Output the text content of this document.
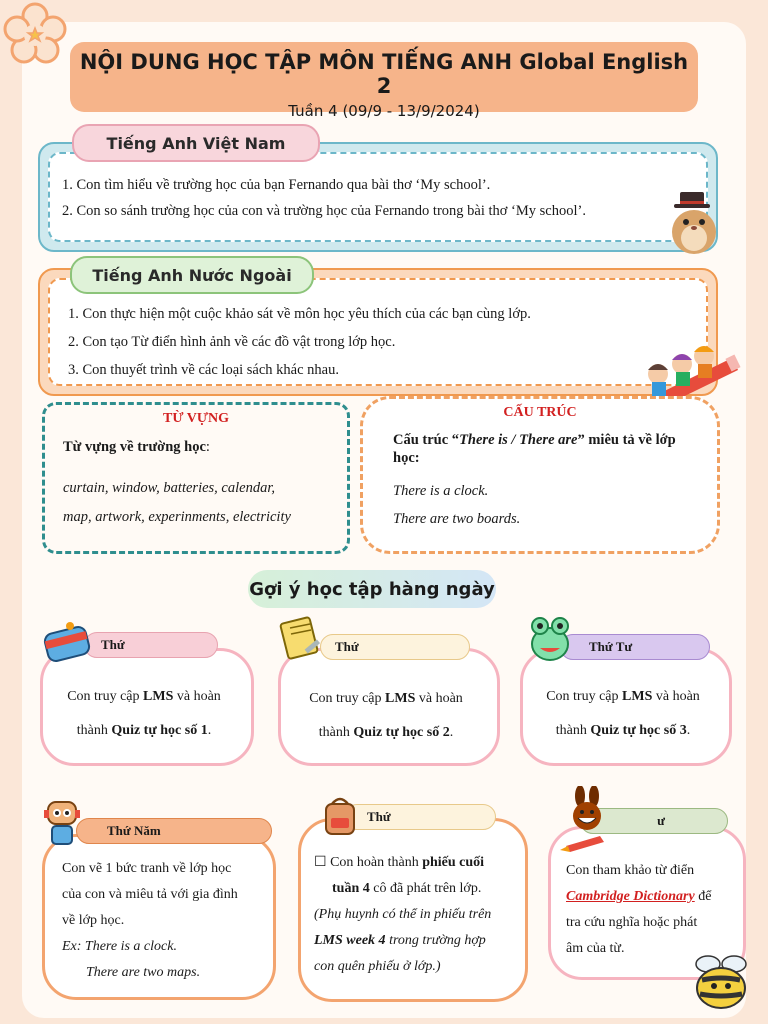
NỘI DUNG HỌC TẬP MÔN TIẾNG ANH Global English 2
Tuần 4 (09/9 - 13/9/2024)
Tiếng Anh Việt Nam
1. Con tìm hiểu về trường học của bạn Fernando qua bài thơ ‘My school’.
2. Con so sánh trường học của con và trường học của Fernando trong bài thơ ‘My school’.
Tiếng Anh Nước Ngoài
1. Con thực hiện một cuộc khảo sát về môn học yêu thích của các bạn cùng lớp.
2. Con tạo Từ điển hình ảnh về các đồ vật trong lớp học.
3. Con thuyết trình về các loại sách khác nhau.
TỪ VỰNG
Từ vựng về trường học:
curtain, window, batteries, calendar,
map, artwork, experinments, electricity
CẤU TRÚC
Cấu trúc “There is / There are” miêu tả về lớp học:
There is a clock.
There are two boards.
Gợi ý học tập hàng ngày
Thứ
Con truy cập LMS và hoàn
thành Quiz tự học số 1.
Thứ
Con truy cập LMS và hoàn
thành Quiz tự học số 2.
Thứ Tư
Con truy cập LMS và hoàn
thành Quiz tự học số 3.
Thứ Năm
Con vẽ 1 bức tranh về lớp học
của con và miêu tả với gia đình
về lớp học.
Ex: There is a clock.
There are two maps.
Thứ
☐ Con hoàn thành phiếu cuối
tuần 4 cô đã phát trên lớp.
(Phụ huynh có thể in phiếu trên
LMS week 4 trong trường hợp
con quên phiếu ở lớp.)
ư
Con tham khảo từ điển
Cambridge Dictionary để
tra cứu nghĩa hoặc phát
âm của từ.
